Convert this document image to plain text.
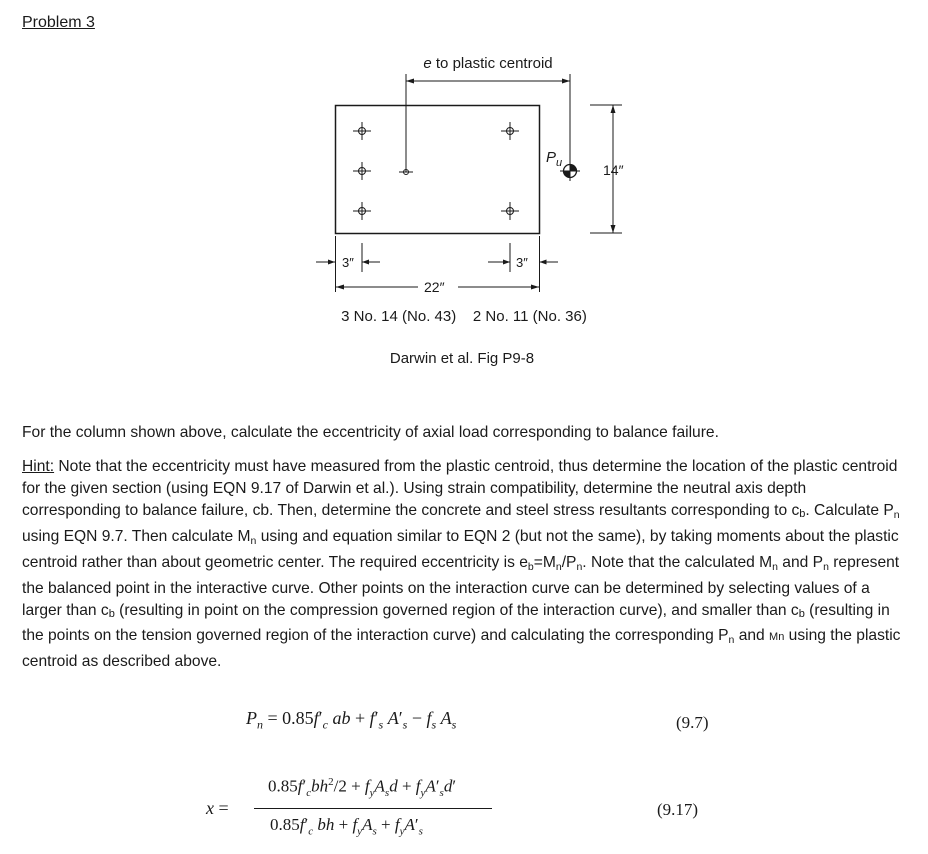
Problem 3
e to plastic centroid
$P_u$	14″
3″	3″
22″
3 No. 14 (No. 43) 2 No. 11 (No. 36)
Darwin et al. Fig P9-8
For the column shown above, calculate the eccentricity of axial load corresponding to balance failure.
Hint: Note that the eccentricity must have measured from the plastic centroid, thus determine the location of the plastic centroid for the given section (using EQN 9.17 of Darwin et al.). Using strain compatibility, determine the neutral axis depth corresponding to balance failure, cb. Then, determine the concrete and steel stress resultants corresponding to cb. Calculate $P_n$ using EQN 9.7. Then calculate $M_n$ using and equation similar to EQN 2 (but not the same), by taking moments about the plastic centroid rather than about geometric center. The required eccentricity is $e_b=M_n/P_n$. Note that the calculated $M_n$ and $P_n$ represent the balanced point in the interactive curve. Other points on the interaction curve can be determined by selecting values of a larger than cb (resulting in point on the compression governed region of the interaction curve), and smaller than cb (resulting in the points on the tension governed region of the interaction curve) and calculating the corresponding $P_n$ and Mn using the plastic centroid as described above.
$P_n = 0.85f'_c$ ab + $f'_s$ $A'_s - f_s$ $A_s$	(9.7)
x =
$0.85f'_cbh^2/2 + f_yA_sd + f_yA'_sd'$
$0.85f'_c$ bh + $f_yA_s + f_yA'_s$
(9.17)
